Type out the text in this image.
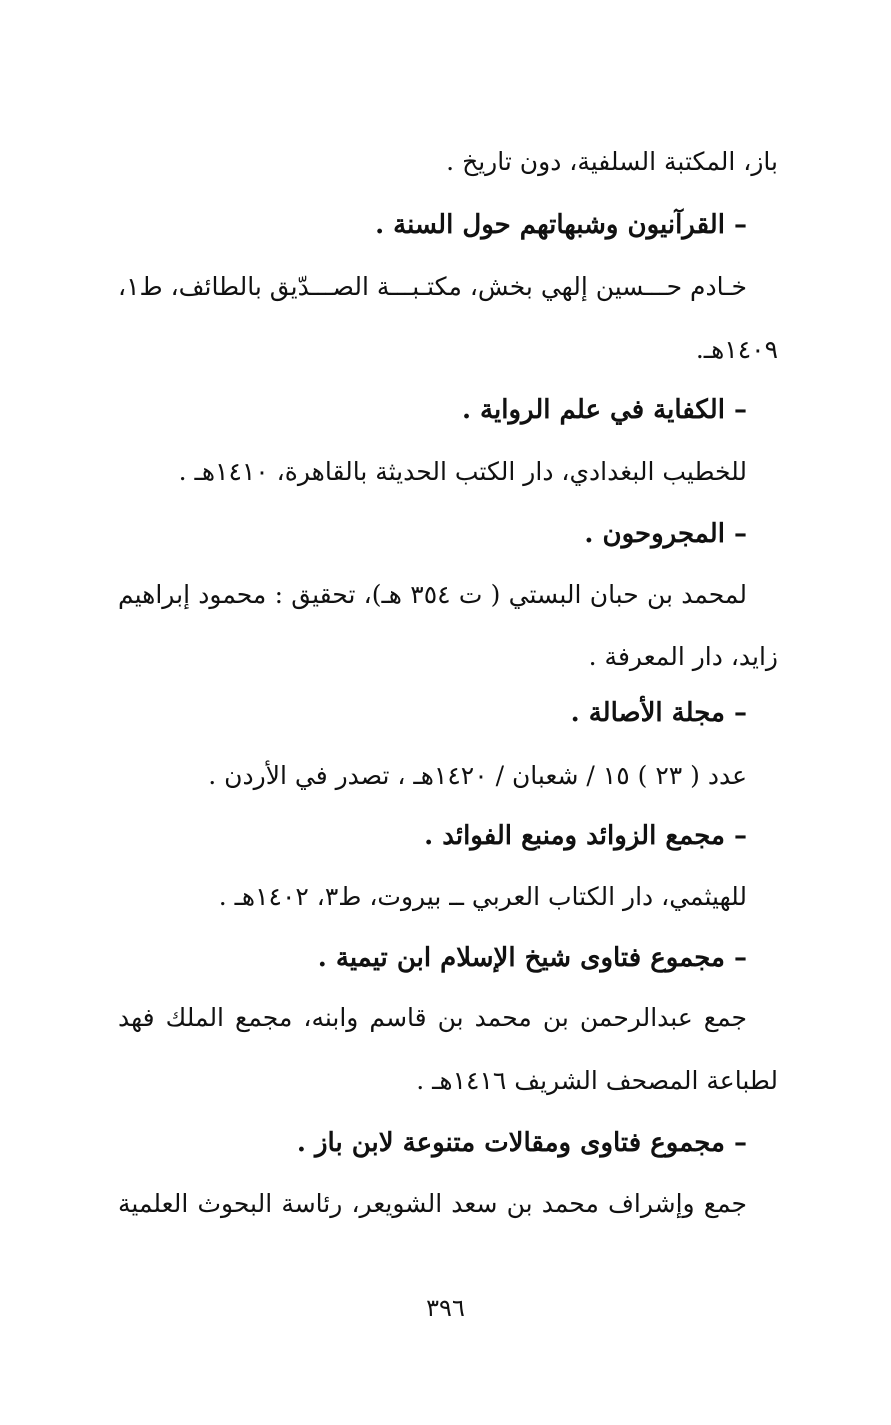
باز، المكتبة السلفية، دون تاريخ .
– القرآنيون وشبهاتهم حول السنة .
خـادم حـــسين إلهي بخش، مكتـبـــة الصـــدّيق بالطائف، ط١،
١٤٠٩هـ.
– الكفاية في علم الرواية .
للخطيب البغدادي، دار الكتب الحديثة بالقاهرة، ١٤١٠هـ .
– المجروحون .
لمحمد بن حبان البستي ( ت ٣٥٤ هـ)، تحقيق : محمود إبراهيم
زايد، دار المعرفة .
– مجلة الأصالة .
عدد ( ٢٣ ) ١٥ / شعبان / ١٤٢٠هـ ، تصدر في الأردن .
– مجمع الزوائد ومنبع الفوائد .
للهيثمي، دار الكتاب العربي ــ بيروت، ط٣، ١٤٠٢هـ .
– مجموع فتاوى شيخ الإسلام ابن تيمية .
جمع عبدالرحمن بن محمد بن قاسم وابنه، مجمع الملك فهد
لطباعة المصحف الشريف ١٤١٦هـ .
– مجموع فتاوى ومقالات متنوعة لابن باز .
جمع وإشراف محمد بن سعد الشويعر، رئاسة البحوث العلمية
٣٩٦
